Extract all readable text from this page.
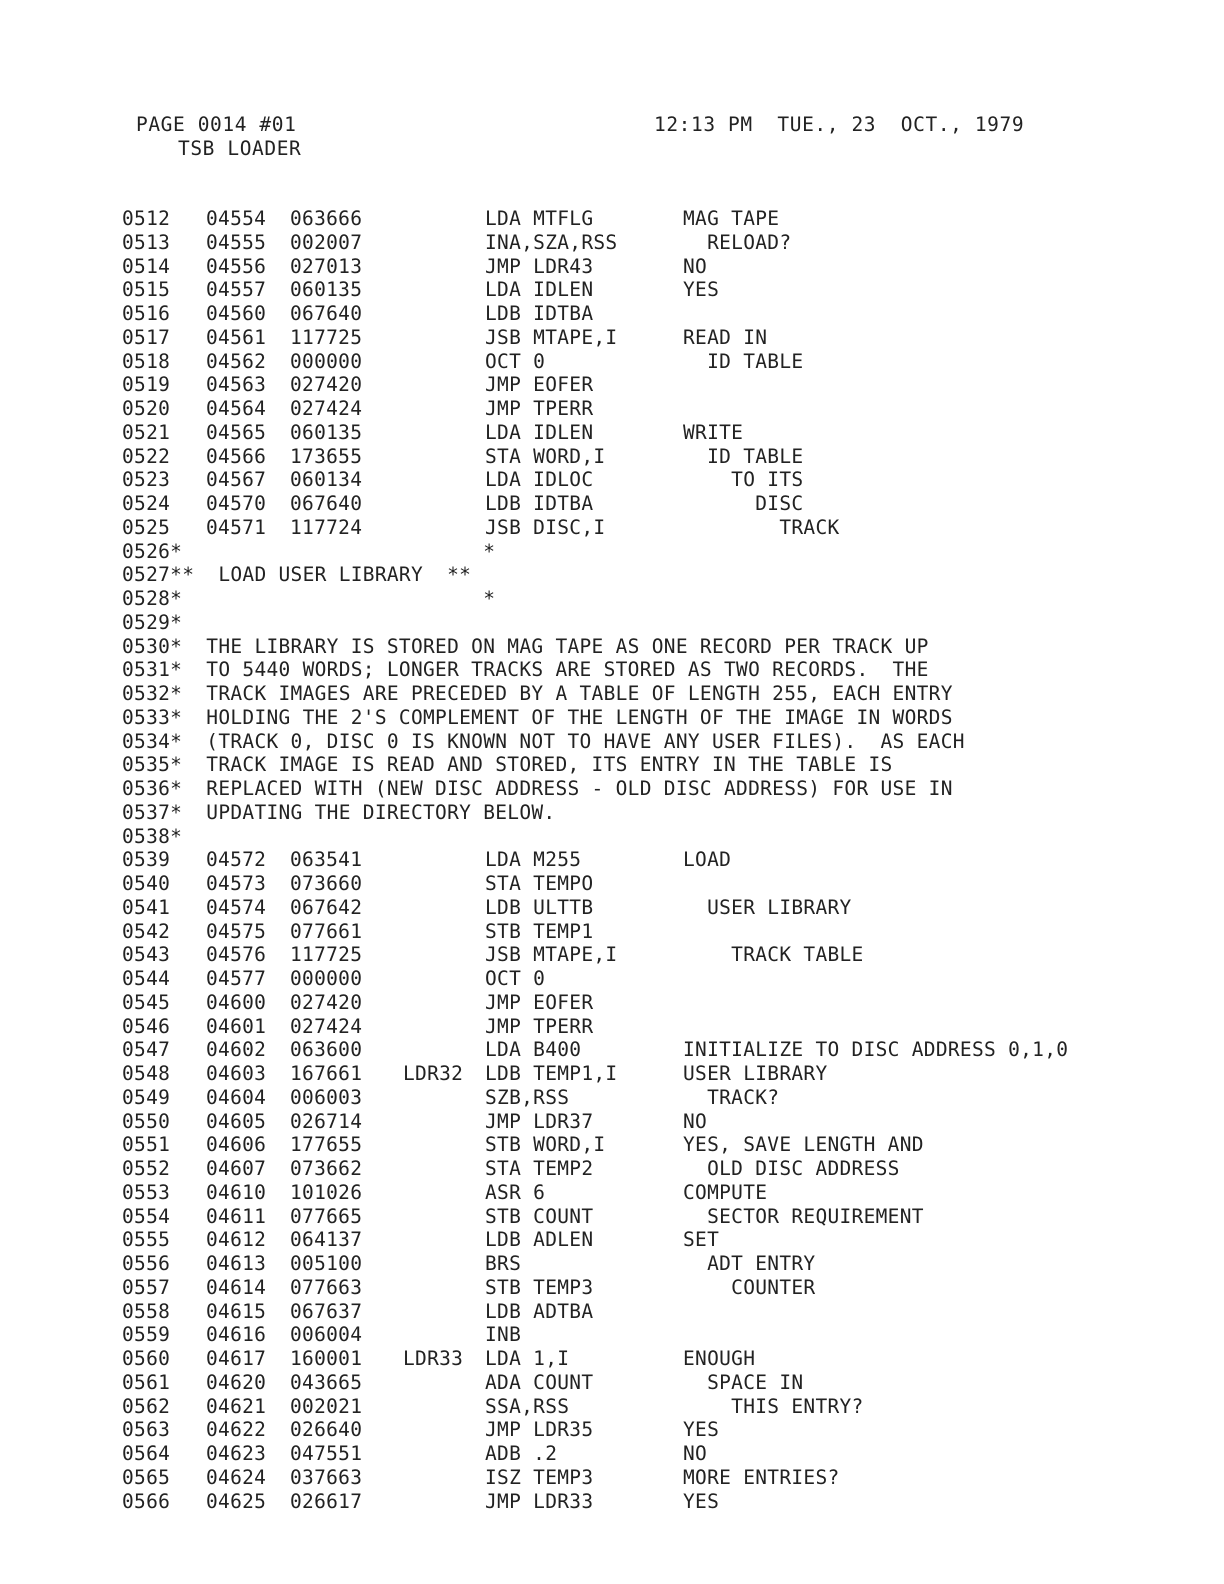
PAGE 0014 #01	12:13 PM  TUE., 23  OCT., 1979
TSB LOADER
0512 04554 063666	LDA MTFLG	MAG TAPE
0513 04555 002007	INA,SZA,RSS	RELOAD?
0514 04556 027013	JMP LDR43	NO
0515 04557 060135	LDA IDLEN	YES
0516 04560 067640	LDB IDTBA
0517 04561 117725	JSB MTAPE,I	READ IN
0518 04562 000000	OCT 0	ID TABLE
0519 04563 027420	JMP EOFER
0520 04564 027424	JMP TPERR
0521 04565 060135	LDA IDLEN	WRITE
0522 04566 173655	STA WORD,I	ID TABLE
0523 04567 060134	LDA IDLOC	TO ITS
0524 04570 067640	LDB IDTBA	DISC
0525 04571 117724	JSB DISC,I	TRACK
0526*                         *
0527**  LOAD USER LIBRARY  **
0528*                         *
0529*
0530*  THE LIBRARY IS STORED ON MAG TAPE AS ONE RECORD PER TRACK UP
0531*  TO 5440 WORDS; LONGER TRACKS ARE STORED AS TWO RECORDS.  THE
0532*  TRACK IMAGES ARE PRECEDED BY A TABLE OF LENGTH 255, EACH ENTRY
0533*  HOLDING THE 2'S COMPLEMENT OF THE LENGTH OF THE IMAGE IN WORDS
0534*  (TRACK 0, DISC 0 IS KNOWN NOT TO HAVE ANY USER FILES).  AS EACH
0535*  TRACK IMAGE IS READ AND STORED, ITS ENTRY IN THE TABLE IS
0536*  REPLACED WITH (NEW DISC ADDRESS - OLD DISC ADDRESS) FOR USE IN
0537*  UPDATING THE DIRECTORY BELOW.
0538*
0539 04572 063541	LDA M255	LOAD
0540 04573 073660	STA TEMPO
0541 04574 067642	LDB ULTTB	USER LIBRARY
0542 04575 077661	STB TEMP1
0543 04576 117725	JSB MTAPE,I	TRACK TABLE
0544 04577 000000	OCT 0
0545 04600 027420	JMP EOFER
0546 04601 027424	JMP TPERR
0547 04602 063600	LDA B400	INITIALIZE TO DISC ADDRESS 0,1,0
0548 04603 167661 LDR32 LDB TEMP1,I	USER LIBRARY
0549 04604 006003	SZB,RSS	TRACK?
0550 04605 026714	JMP LDR37	NO
0551 04606 177655	STB WORD,I	YES, SAVE LENGTH AND
0552 04607 073662	STA TEMP2	OLD DISC ADDRESS
0553 04610 101026	ASR 6	COMPUTE
0554 04611 077665	STB COUNT	SECTOR REQUIREMENT
0555 04612 064137	LDB ADLEN	SET
0556 04613 005100	BRS	ADT ENTRY
0557 04614 077663	STB TEMP3	COUNTER
0558 04615 067637	LDB ADTBA
0559 04616 006004	INB
0560 04617 160001 LDR33 LDA 1,I	ENOUGH
0561 04620 043665	ADA COUNT	SPACE IN
0562 04621 002021	SSA,RSS	THIS ENTRY?
0563 04622 026640	JMP LDR35	YES
0564 04623 047551	ADB .2	NO
0565 04624 037663	ISZ TEMP3	MORE ENTRIES?
0566 04625 026617	JMP LDR33	YES
